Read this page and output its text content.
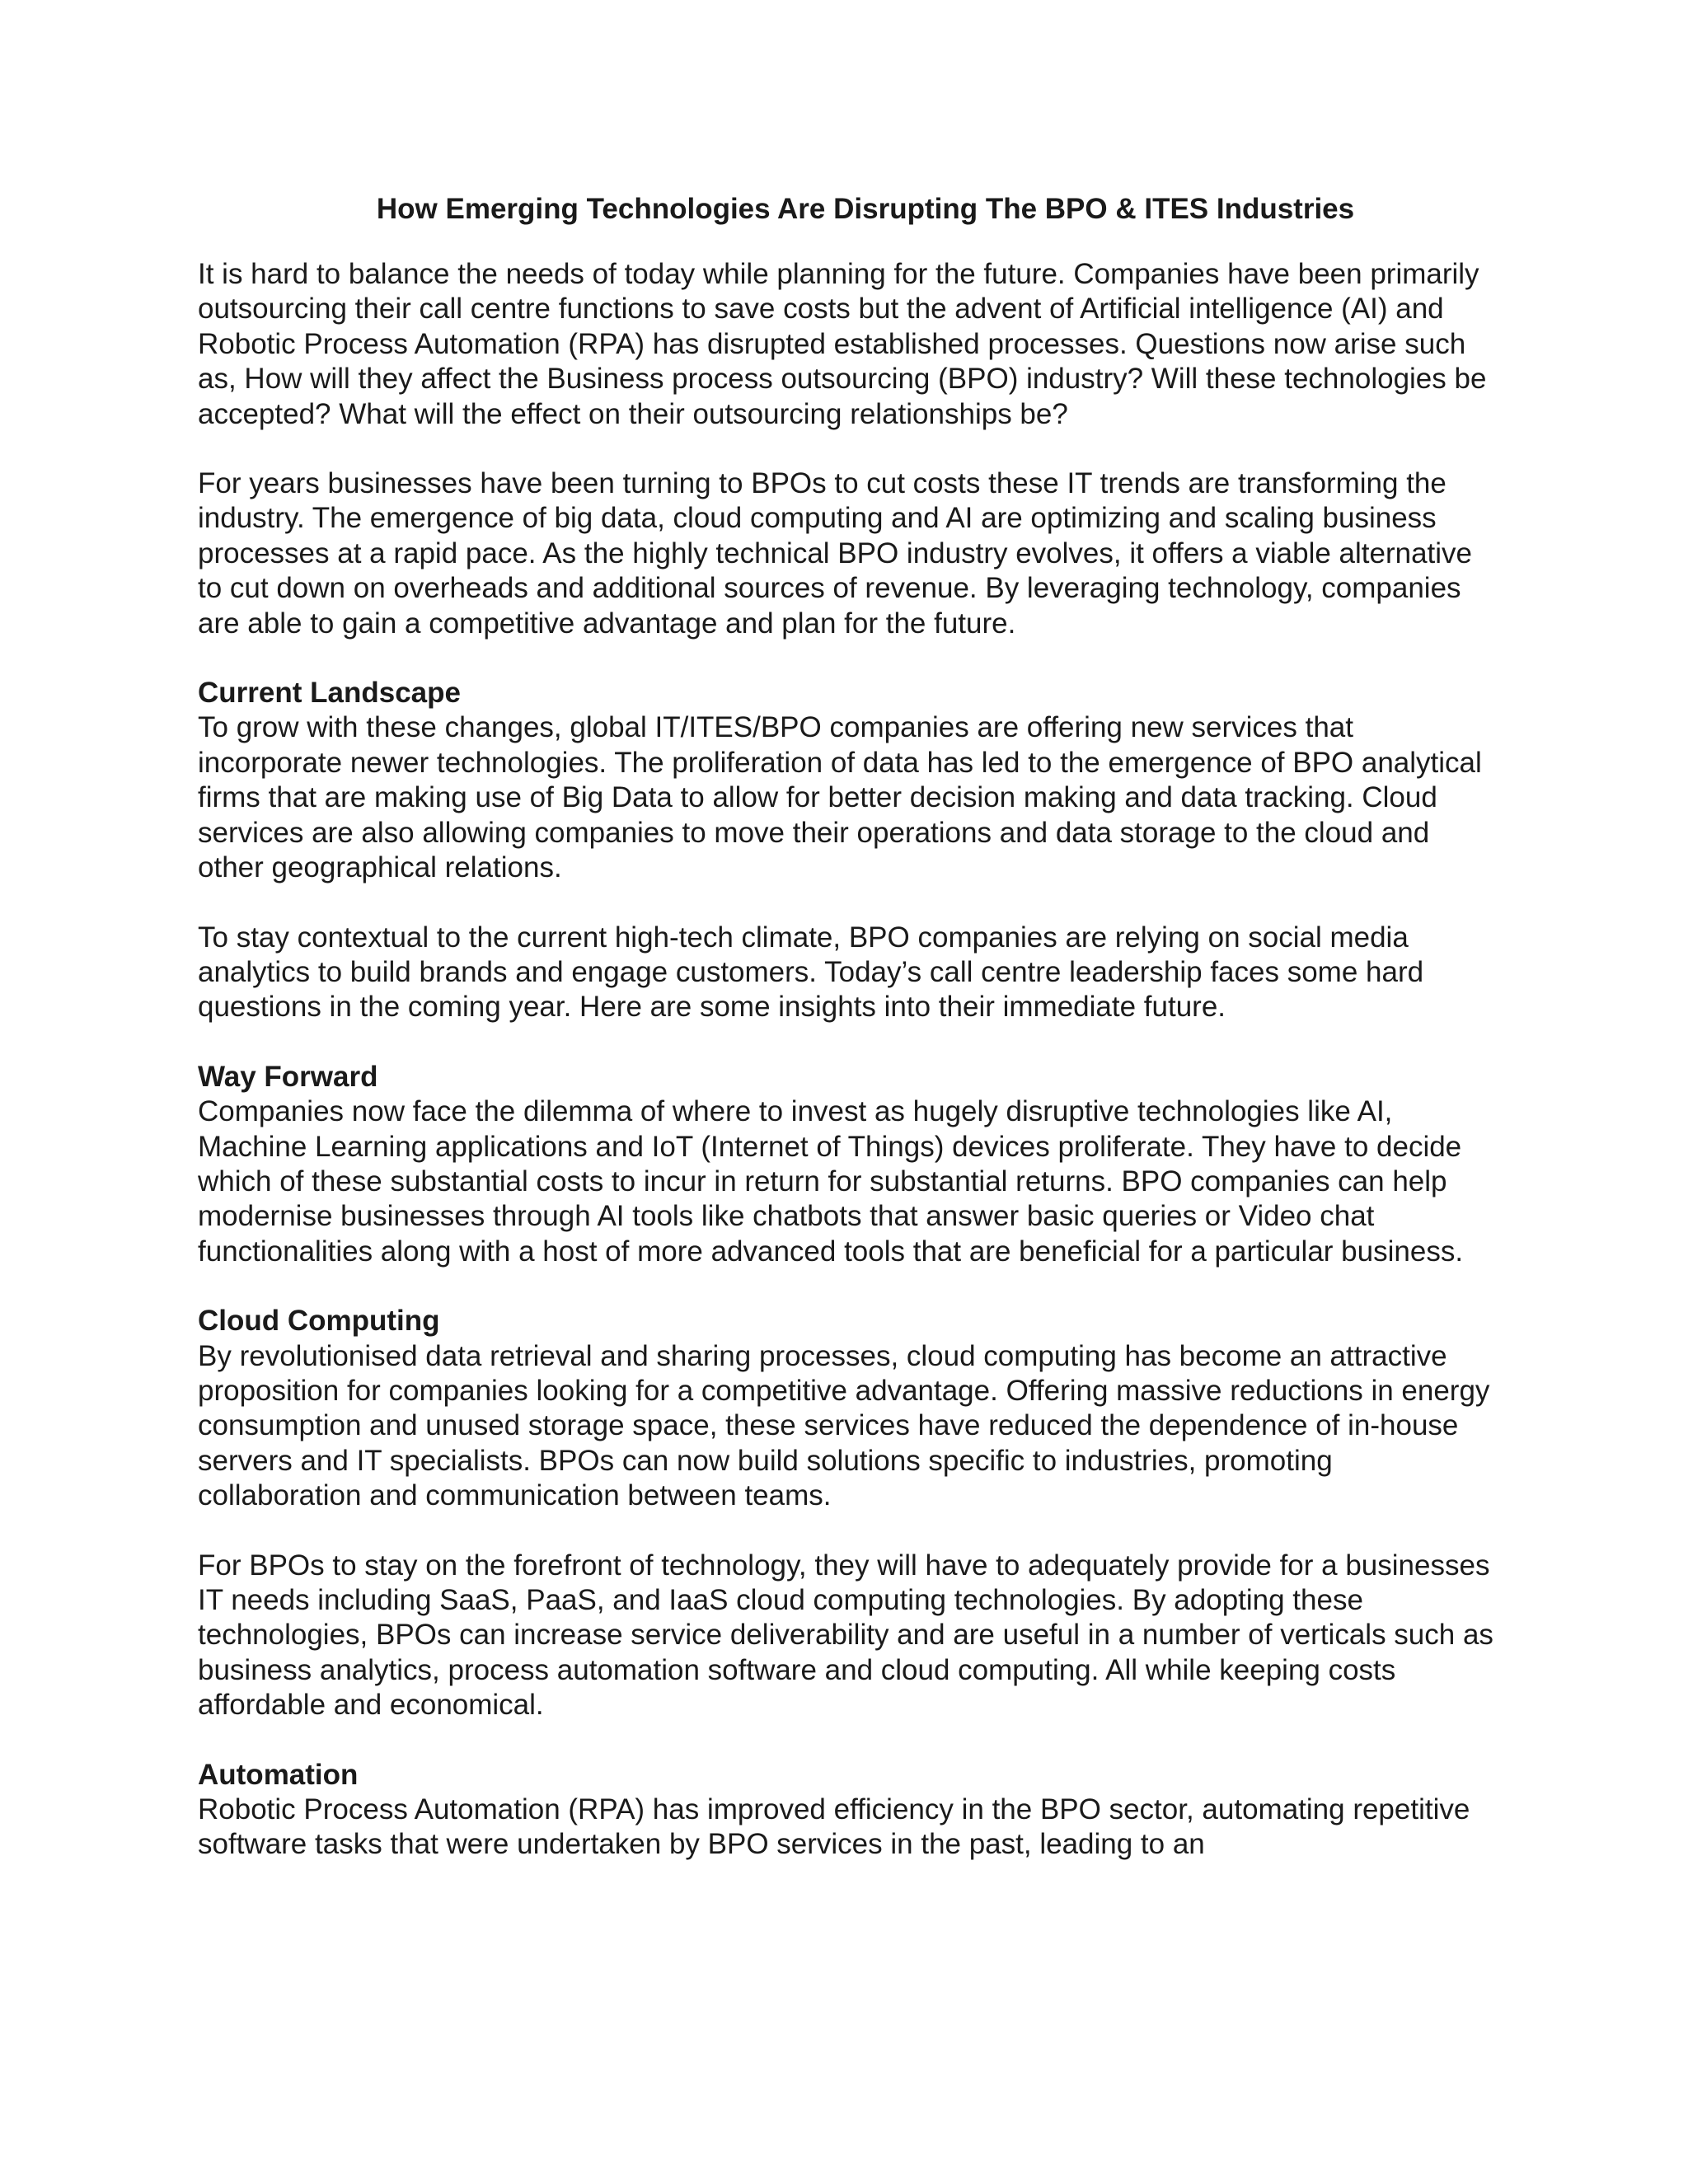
How Emerging Technologies Are Disrupting The BPO & ITES Industries

It is hard to balance the needs of today while planning for the future. Companies have been primarily outsourcing their call centre functions to save costs but the advent of Artificial intelligence (AI) and Robotic Process Automation (RPA) has disrupted established processes. Questions now arise such as, How will they affect the Business process outsourcing (BPO) industry? Will these technologies be accepted? What will the effect on their outsourcing relationships be?

For years businesses have been turning to BPOs to cut costs these IT trends are transforming the industry. The emergence of big data, cloud computing and AI are optimizing and scaling business processes at a rapid pace. As the highly technical BPO industry evolves, it offers a viable alternative to cut down on overheads and additional sources of revenue. By leveraging technology, companies are able to gain a competitive advantage and plan for the future.

Current Landscape

To grow with these changes, global IT/ITES/BPO companies are offering new services that incorporate newer technologies. The proliferation of data has led to the emergence of BPO analytical firms that are making use of Big Data to allow for better decision making and data tracking. Cloud services are also allowing companies to move their operations and data storage to the cloud and other geographical relations.

To stay contextual to the current high-tech climate, BPO companies are relying on social media analytics to build brands and engage customers. Today’s call centre leadership faces some hard questions in the coming year. Here are some insights into their immediate future.

Way Forward

Companies now face the dilemma of where to invest as hugely disruptive technologies like AI, Machine Learning applications and IoT (Internet of Things) devices proliferate. They have to decide which of these substantial costs to incur in return for substantial returns. BPO companies can help modernise businesses through AI tools like chatbots that answer basic queries or Video chat functionalities along with a host of more advanced tools that are beneficial for a particular business.

Cloud Computing

By revolutionised data retrieval and sharing processes, cloud computing has become an attractive proposition for companies looking for a competitive advantage. Offering massive reductions in energy consumption and unused storage space, these services have reduced the dependence of in-house servers and IT specialists. BPOs can now build solutions specific to industries, promoting collaboration and communication between teams.

For BPOs to stay on the forefront of technology, they will have to adequately provide for a businesses IT needs including SaaS, PaaS, and IaaS cloud computing technologies. By adopting these technologies, BPOs can increase service deliverability and are useful in a number of verticals such as business analytics, process automation software and cloud computing. All while keeping costs affordable and economical.

Automation

Robotic Process Automation (RPA) has improved efficiency in the BPO sector, automating repetitive software tasks that were undertaken by BPO services in the past, leading to an
